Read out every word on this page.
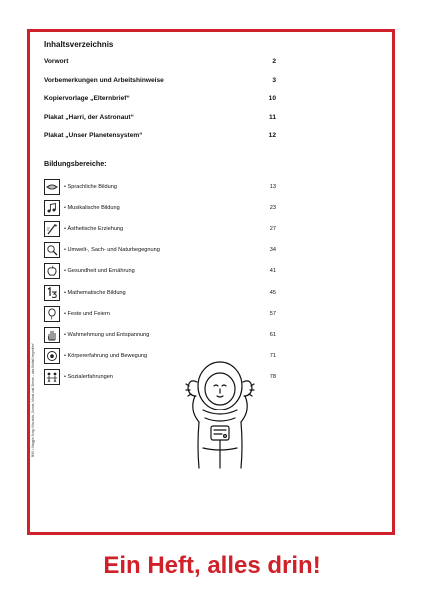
Inhaltsverzeichnis
Vorwort	2
Vorbemerkungen und Arbeitshinweise	3
Kopiervorlage „Elternbrief“	10
Plakat „Harri, der Astronaut“	11
Plakat „Unser Planetensystem“	12
Bildungsbereiche:
• Sprachliche Bildung	13
• Musikalische Bildung	23
• Ästhetische Erziehung	27
• Umwelt-, Sach- und Naturbegegnung	34
• Gesundheit und Ernährung	41
• Mathematische Bildung	45
• Feste und Feiern	57
• Wahrnehmung und Entspannung	61
• Körpererfahrung und Bewegung	71
• Sozialerfahrungen	78
BVK • Maggie Jung: Kita aktiv „Sonne, Mond und Sterne – das Weltall begreifen“
Ein Heft, alles drin!
